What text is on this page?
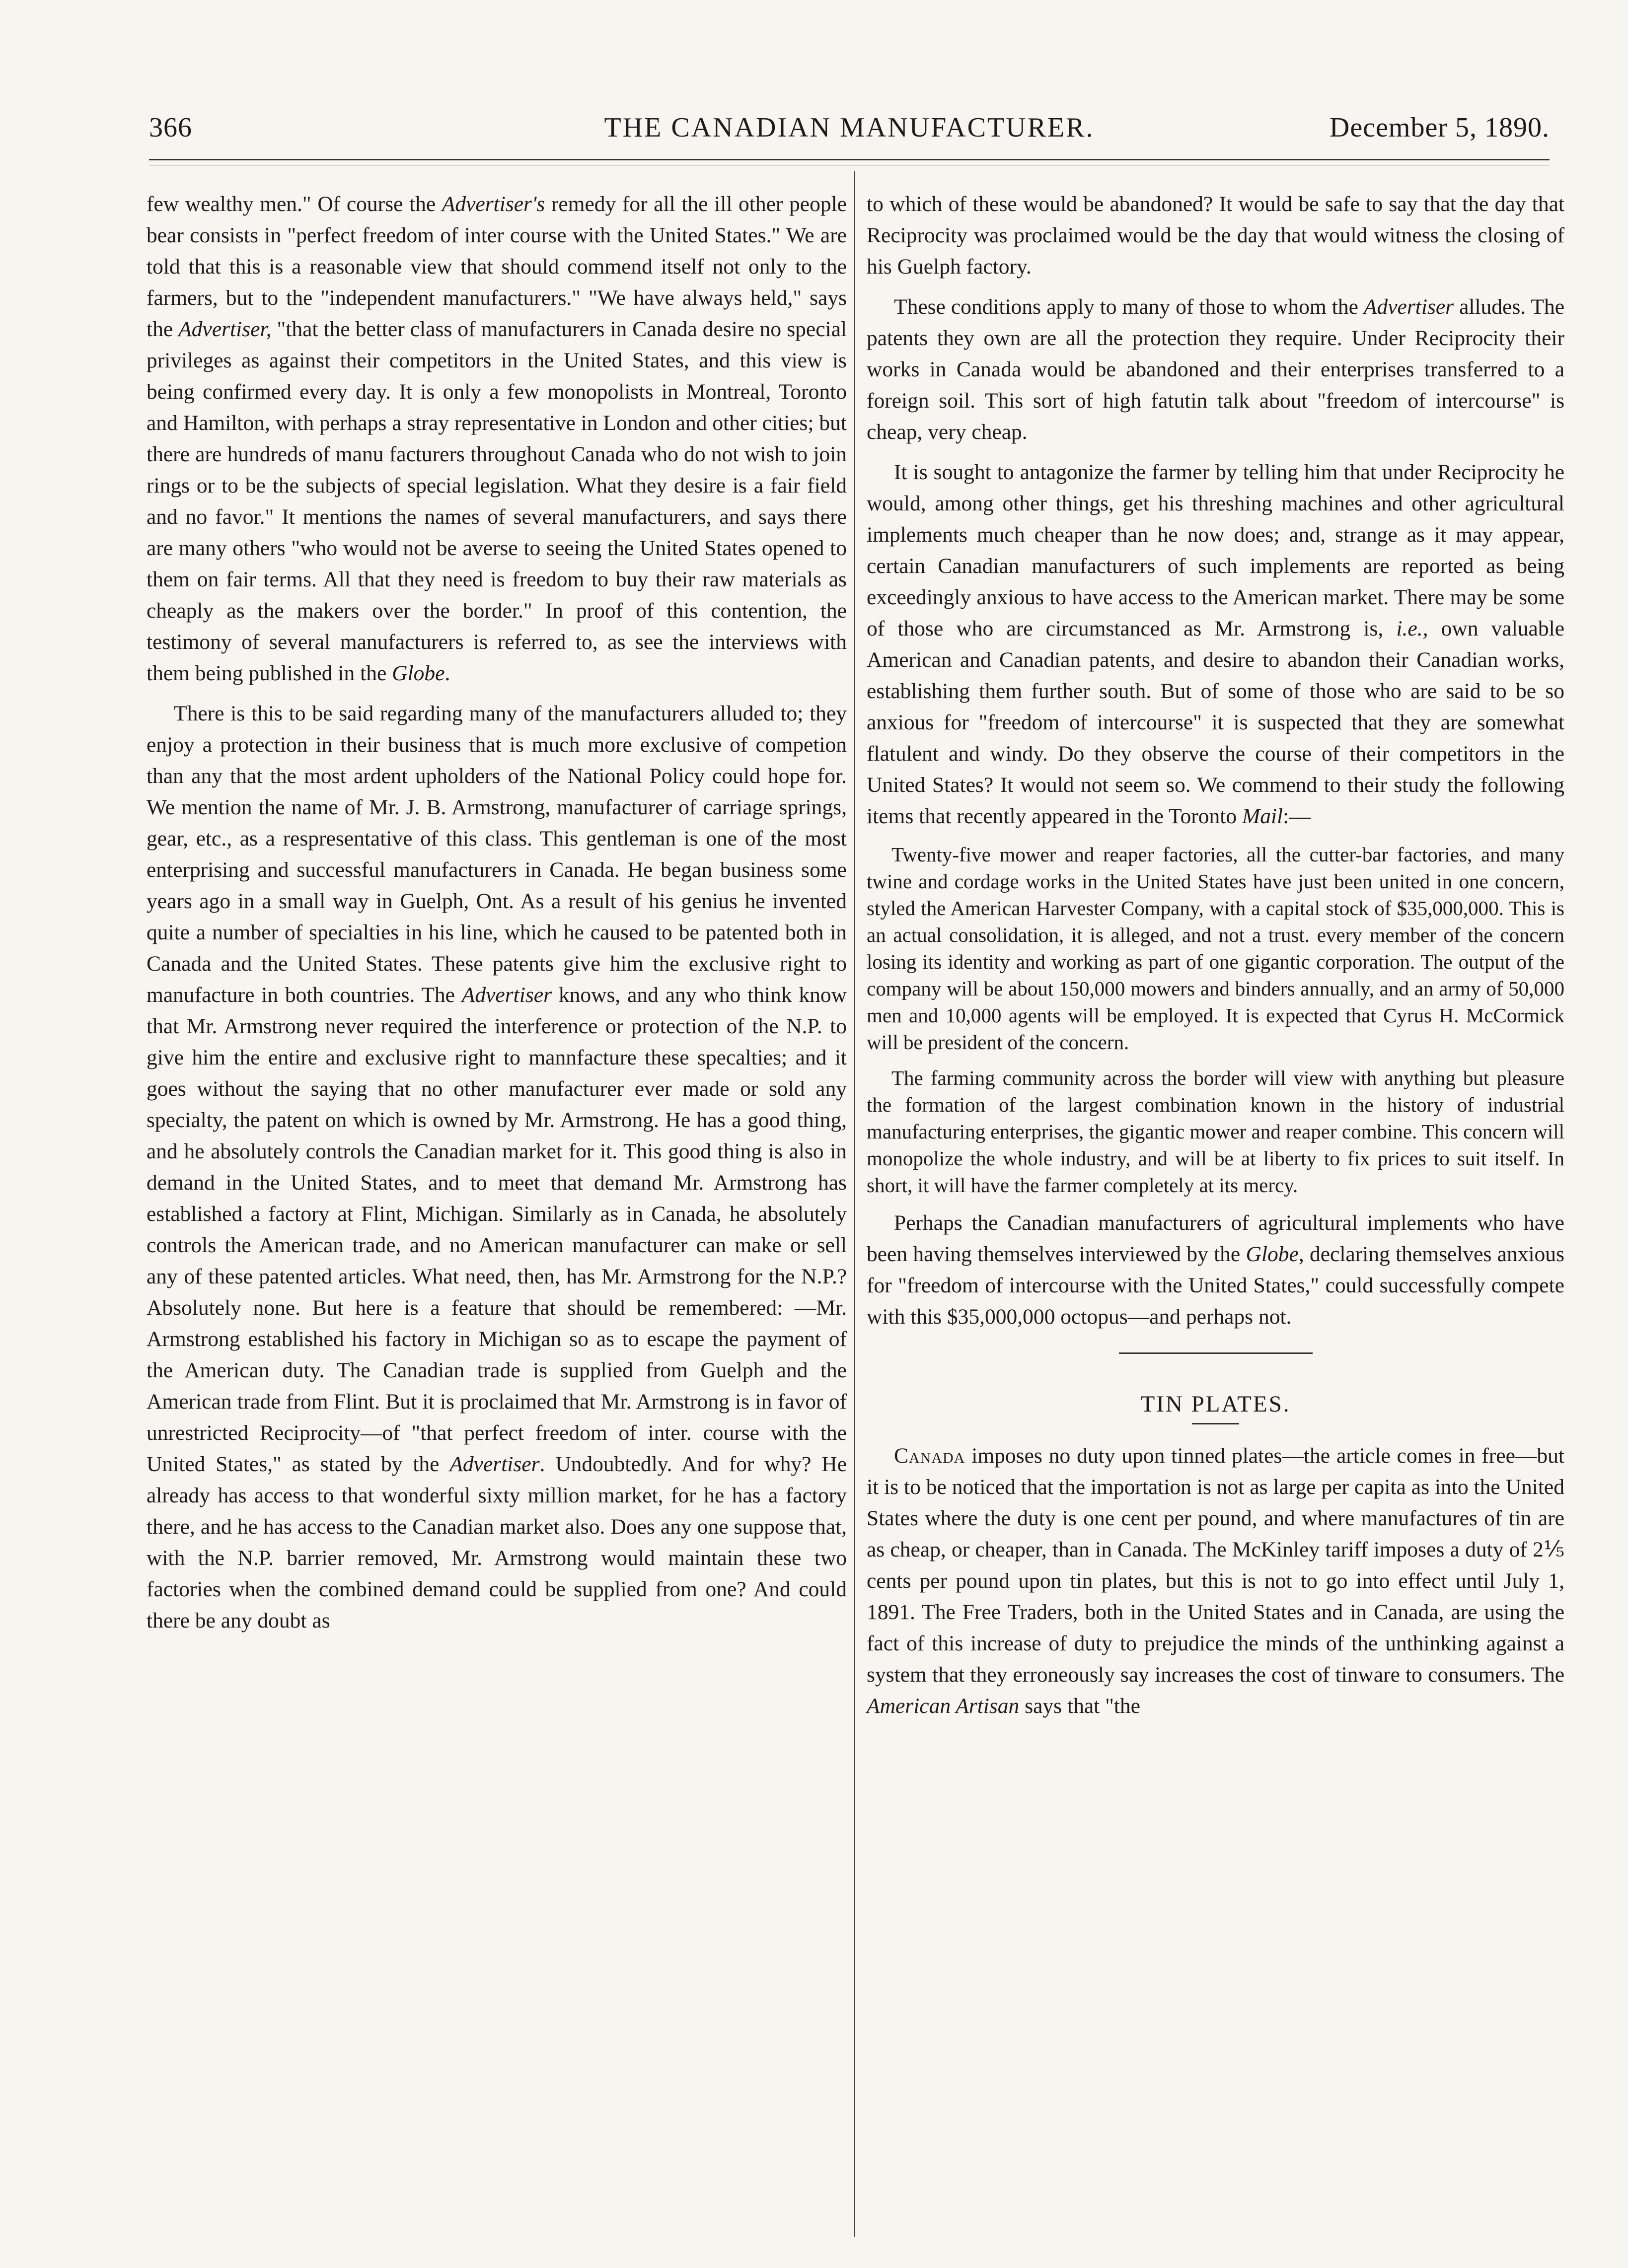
366	THE CANADIAN MANUFACTURER.	December 5, 1890.

few wealthy men." Of course the Advertiser's remedy for all the ill other people bear consists in "perfect freedom of inter course with the United States." We are told that this is a reasonable view that should commend itself not only to the farmers, but to the "independent manufacturers." "We have always held," says the Advertiser, "that the better class of manufacturers in Canada desire no special privileges as against their competitors in the United States, and this view is being confirmed every day. It is only a few monopolists in Montreal, Toronto and Hamilton, with perhaps a stray representative in London and other cities; but there are hundreds of manu facturers throughout Canada who do not wish to join rings or to be the subjects of special legislation. What they desire is a fair field and no favor." It mentions the names of several manufacturers, and says there are many others "who would not be averse to seeing the United States opened to them on fair terms. All that they need is freedom to buy their raw materials as cheaply as the makers over the border." In proof of this contention, the testimony of several manufacturers is referred to, as see the interviews with them being published in the Globe.

There is this to be said regarding many of the manufacturers alluded to; they enjoy a protection in their business that is much more exclusive of competion than any that the most ardent upholders of the National Policy could hope for. We mention the name of Mr. J. B. Armstrong, manufacturer of carriage springs, gear, etc., as a respresentative of this class. This gentleman is one of the most enterprising and successful manufacturers in Canada. He began business some years ago in a small way in Guelph, Ont. As a result of his genius he invented quite a number of specialties in his line, which he caused to be patented both in Canada and the United States. These patents give him the exclusive right to manufacture in both countries. The Advertiser knows, and any who think know that Mr. Armstrong never required the interference or protection of the N.P. to give him the entire and exclusive right to mannfacture these specalties; and it goes without the saying that no other manufacturer ever made or sold any specialty, the patent on which is owned by Mr. Armstrong. He has a good thing, and he absolutely controls the Canadian market for it. This good thing is also in demand in the United States, and to meet that demand Mr. Armstrong has established a factory at Flint, Michigan. Similarly as in Canada, he absolutely controls the American trade, and no American manufacturer can make or sell any of these patented articles. What need, then, has Mr. Armstrong for the N.P.? Absolutely none. But here is a feature that should be remembered: —Mr. Armstrong established his factory in Michigan so as to escape the payment of the American duty. The Canadian trade is supplied from Guelph and the American trade from Flint. But it is proclaimed that Mr. Armstrong is in favor of unrestricted Reciprocity—of "that perfect freedom of inter. course with the United States," as stated by the Advertiser. Undoubtedly. And for why? He already has access to that wonderful sixty million market, for he has a factory there, and he has access to the Canadian market also. Does any one suppose that, with the N.P. barrier removed, Mr. Armstrong would maintain these two factories when the combined demand could be supplied from one? And could there be any doubt as

to which of these would be abandoned? It would be safe to say that the day that Reciprocity was proclaimed would be the day that would witness the closing of his Guelph factory.

These conditions apply to many of those to whom the Advertiser alludes. The patents they own are all the protection they require. Under Reciprocity their works in Canada would be abandoned and their enterprises transferred to a foreign soil. This sort of high fatutin talk about "freedom of intercourse" is cheap, very cheap.

It is sought to antagonize the farmer by telling him that under Reciprocity he would, among other things, get his threshing machines and other agricultural implements much cheaper than he now does; and, strange as it may appear, certain Canadian manufacturers of such implements are reported as being exceedingly anxious to have access to the American market. There may be some of those who are circumstanced as Mr. Armstrong is, i.e., own valuable American and Canadian patents, and desire to abandon their Canadian works, establishing them further south. But of some of those who are said to be so anxious for "freedom of intercourse" it is suspected that they are somewhat flatulent and windy. Do they observe the course of their competitors in the United States? It would not seem so. We commend to their study the following items that recently appeared in the Toronto Mail:—

Twenty-five mower and reaper factories, all the cutter-bar factories, and many twine and cordage works in the United States have just been united in one concern, styled the American Harvester Company, with a capital stock of $35,000,000. This is an actual consolidation, it is alleged, and not a trust. every member of the concern losing its identity and working as part of one gigantic corporation. The output of the company will be about 150,000 mowers and binders annually, and an army of 50,000 men and 10,000 agents will be employed. It is expected that Cyrus H. McCormick will be president of the concern.

The farming community across the border will view with anything but pleasure the formation of the largest combination known in the history of industrial manufacturing enterprises, the gigantic mower and reaper combine. This concern will monopolize the whole industry, and will be at liberty to fix prices to suit itself. In short, it will have the farmer completely at its mercy.

Perhaps the Canadian manufacturers of agricultural implements who have been having themselves interviewed by the Globe, declaring themselves anxious for "freedom of intercourse with the United States," could successfully compete with this $35,000,000 octopus—and perhaps not.

TIN PLATES.

Canada imposes no duty upon tinned plates—the article comes in free—but it is to be noticed that the importation is not as large per capita as into the United States where the duty is one cent per pound, and where manufactures of tin are as cheap, or cheaper, than in Canada. The McKinley tariff imposes a duty of 2⅕ cents per pound upon tin plates, but this is not to go into effect until July 1, 1891. The Free Traders, both in the United States and in Canada, are using the fact of this increase of duty to prejudice the minds of the unthinking against a system that they erroneously say increases the cost of tinware to consumers. The American Artisan says that "the
